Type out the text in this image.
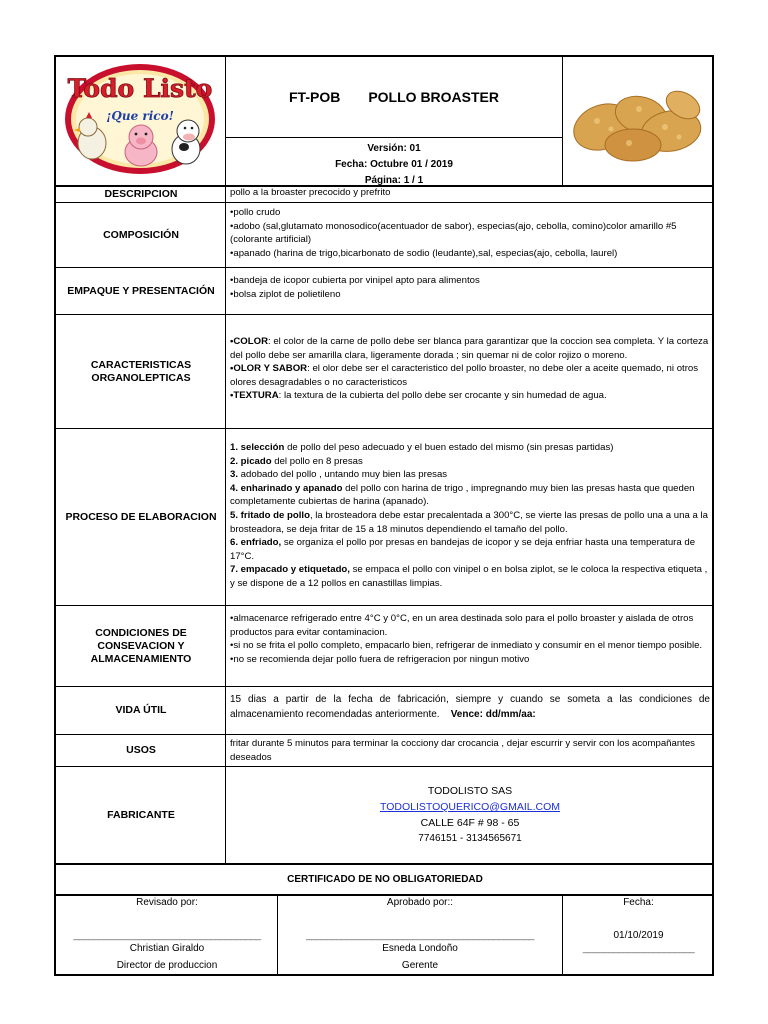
Todo Listo
¡Que rico!
FT-POB POLLO BROASTER
Versión: 01
Fecha: Octubre 01 / 2019
Página: 1 / 1
DESCRIPCION	pollo a la broaster precocido y prefrito
COMPOSICIÓN

•pollo crudo

•adobo (sal,glutamato monosodico(acentuador de sabor), especias(ajo, cebolla, comino)color amarillo #5 (colorante artificial)

•apanado (harina de trigo,bicarbonato de sodio (leudante),sal, especias(ajo, cebolla, laurel)

EMPAQUE Y PRESENTACIÓN

•bandeja de icopor cubierta por vinipel apto para alimentos

•bolsa ziplot de polietileno

CARACTERISTICAS ORGANOLEPTICAS

•COLOR: el color de la carne de pollo debe ser blanca para garantizar que la coccion sea completa. Y la corteza del pollo debe ser amarilla clara, ligeramente dorada ; sin quemar ni de color rojizo o moreno.

•OLOR Y SABOR: el olor debe ser el caracteristico del pollo broaster, no debe oler a aceite quemado, ni otros olores desagradables o no caracteristicos

•TEXTURA: la textura de la cubierta del pollo debe ser crocante y sin humedad de agua.

PROCESO DE ELABORACION

1. selección de pollo del peso adecuado y el buen estado del mismo (sin presas partidas)

2. picado del pollo en 8 presas

3. adobado del pollo , untando muy bien las presas

4. enharinado y apanado del pollo con harina de trigo , impregnando muy bien las presas hasta que queden completamente cubiertas de harina (apanado).

5. fritado de pollo, la brosteadora debe estar precalentada a 300°C, se vierte las presas de pollo una a una a la brosteadora, se deja fritar de 15 a 18 minutos dependiendo el tamaño del pollo.

6. enfriado, se organiza el pollo por presas en bandejas de icopor y se deja enfriar hasta una temperatura de 17°C.

7. empacado y etiquetado, se empaca el pollo con vinipel o en bolsa ziplot, se le coloca la respectiva etiqueta , y se dispone de a 12 pollos en canastillas limpias.

CONDICIONES DE CONSEVACION Y ALMACENAMIENTO

•almacenarce refrigerado entre 4°C y 0°C, en un area destinada solo para el pollo broaster y aislada de otros productos para evitar contaminacion.

•si no se frita el pollo completo, empacarlo bien, refrigerar de inmediato y consumir en el menor tiempo posible.

•no se recomienda dejar pollo fuera de refrigeracion por ningun motivo

VIDA ÚTIL
15 dias a partir de la fecha de fabricación, siempre y cuando se someta a las condiciones de almacenamiento recomendadas anteriormente. Vence: dd/mm/aa:
USOS
fritar durante 5 minutos para terminar la cocciony dar crocancia , dejar escurrir y servir con los acompañantes deseados
FABRICANTE
TODOLISTO SAS
TODOLISTOQUERICO@GMAIL.COM
CALLE 64F # 98 - 65
7746151 - 3134565671
CERTIFICADO DE NO OBLIGATORIEDAD
Revisado por:
_____________________________________
Christian Giraldo
Director de produccion
Aprobado por::
_____________________________________________
Esneda Londoño
Gerente
Fecha:
01/10/2019
______________________
